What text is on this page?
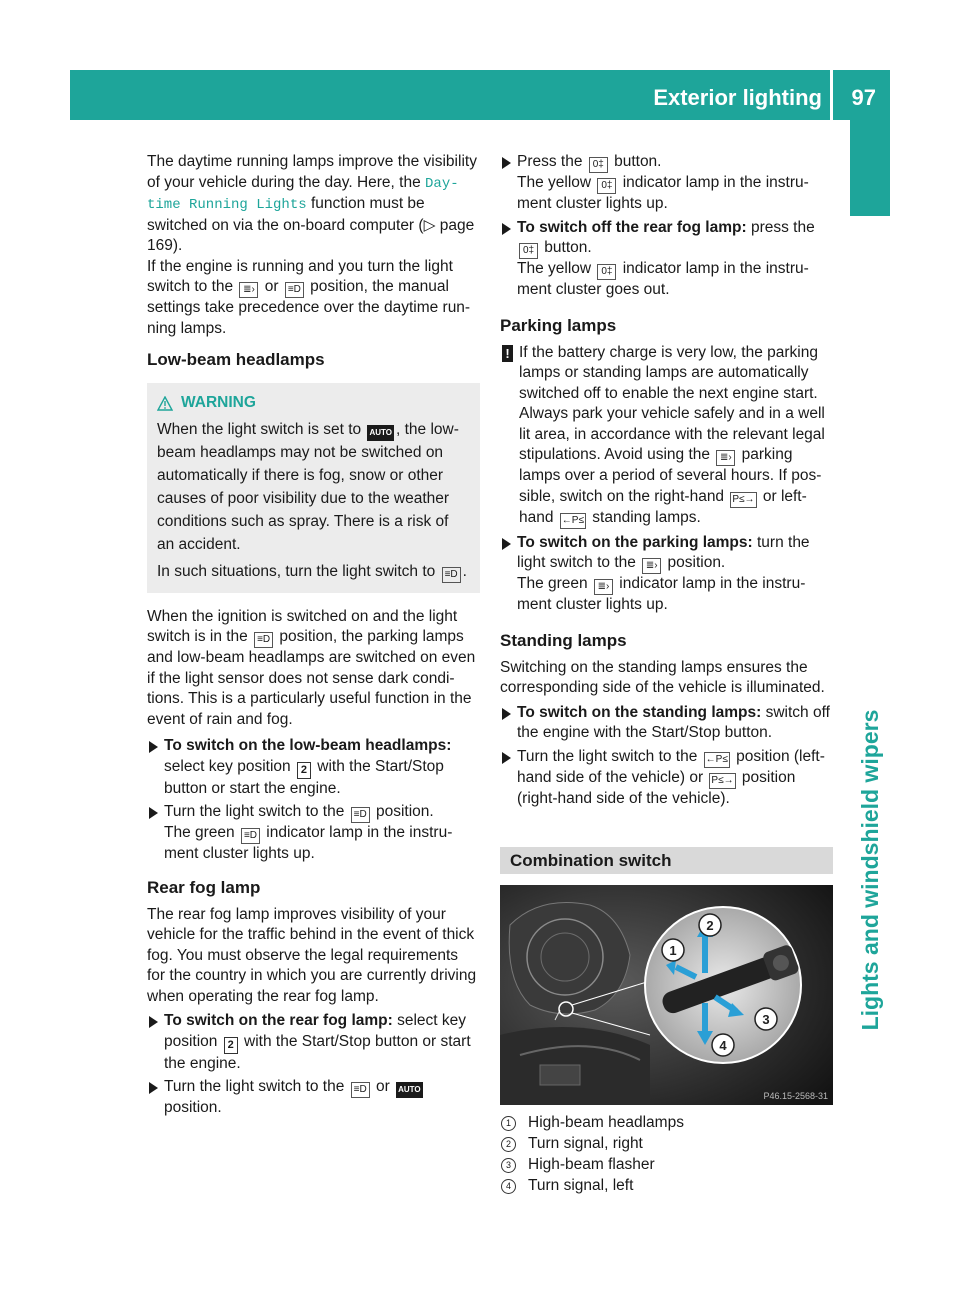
Exterior lighting 97
Lights and windshield wipers

The daytime running lamps improve the visibility of your vehicle during the day. Here, the Day‐ time Running Lights function must be switched on via the on-board computer (▷ page 169).

If the engine is running and you turn the light switch to the ≣› or ≡D position, the manual settings take precedence over the daytime run- ning lamps.

Low-beam headlamps
WARNING

When the light switch is set to AUTO , the low-beam headlamps may not be switched on automatically if there is fog, snow or other causes of poor visibility due to the weather conditions such as spray. There is a risk of an accident.

In such situations, turn the light switch to ≡D .

When the ignition is switched on and the light switch is in the ≡D position, the parking lamps and low-beam headlamps are switched on even if the light sensor does not sense dark condi- tions. This is a particularly useful function in the event of rain and fog.

To switch on the low-beam headlamps: select key position 2 with the Start/Stop button or start the engine.
Turn the light switch to the ≡D position.
The green ≡D indicator lamp in the instru- ment cluster lights up.
Rear fog lamp

The rear fog lamp improves visibility of your vehicle for the traffic behind in the event of thick fog. You must observe the legal requirements for the country in which you are currently driving when operating the rear fog lamp.

To switch on the rear fog lamp: select key position 2 with the Start/Stop button or start the engine.
Turn the light switch to the ≡D or AUTO position.
Press the 0‡ button.
The yellow 0‡ indicator lamp in the instru- ment cluster lights up.
To switch off the rear fog lamp: press the 0‡ button.
The yellow 0‡ indicator lamp in the instru- ment cluster goes out.
Parking lamps
! If the battery charge is very low, the parking lamps or standing lamps are automatically switched off to enable the next engine start. Always park your vehicle safely and in a well lit area, in accordance with the relevant legal stipulations. Avoid using the ≣› parking lamps over a period of several hours. If pos- sible, switch on the right-hand P≤→ or left- hand ←P≤ standing lamps.
To switch on the parking lamps: turn the light switch to the ≣› position.
The green ≣› indicator lamp in the instru- ment cluster lights up.
Standing lamps

Switching on the standing lamps ensures the corresponding side of the vehicle is illuminated.

To switch on the standing lamps: switch off the engine with the Start/Stop button.
Turn the light switch to the ←P≤ position (left- hand side of the vehicle) or P≤→ position (right-hand side of the vehicle).
Combination switch
1
2
3
4
P46.15-2568-31
1	High-beam headlamps
2	Turn signal, right
3	High-beam flasher
4	Turn signal, left
